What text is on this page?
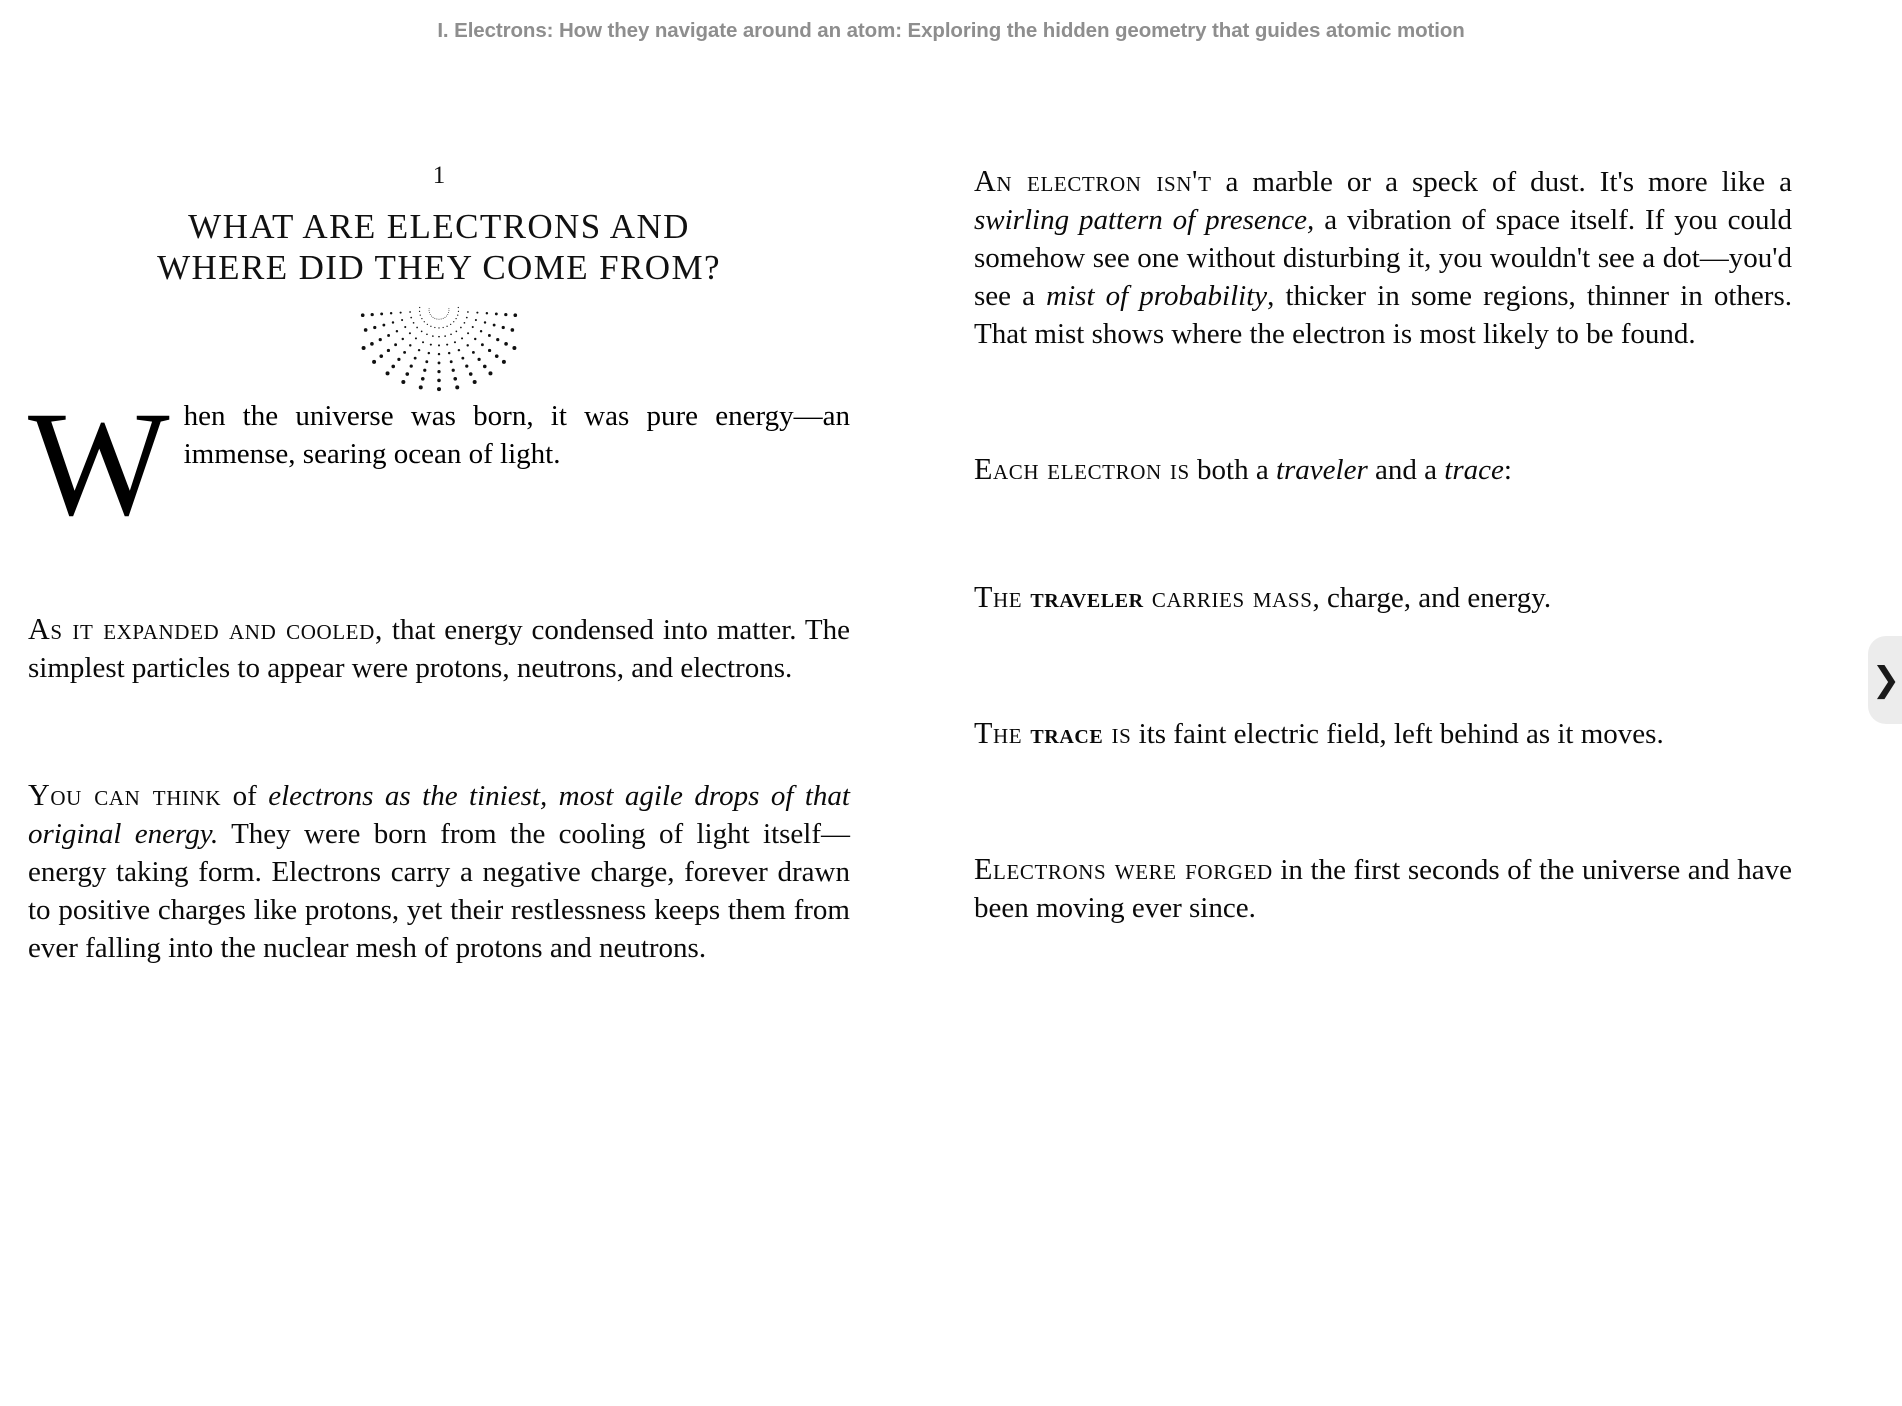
I. Electrons: How they navigate around an atom: Exploring the hidden geometry that guides atomic motion
1
WHAT ARE ELECTRONS AND
WHERE DID THEY COME FROM?
When the universe was born, it was pure energy—an immense, searing ocean of light.

As it expanded and cooled, that energy condensed into matter. The simplest particles to appear were protons, neutrons, and electrons.

You can think of electrons as the tiniest, most agile drops of that original energy. They were born from the cooling of light itself—energy taking form. Electrons carry a negative charge, forever drawn to positive charges like protons, yet their restlessness keeps them from ever falling into the nuclear mesh of protons and neutrons.

An electron isn't a marble or a speck of dust. It's more like a swirling pattern of presence, a vibration of space itself. If you could somehow see one without disturbing it, you wouldn't see a dot—you'd see a mist of probability, thicker in some regions, thinner in others. That mist shows where the electron is most likely to be found.

Each electron is both a traveler and a trace:

The traveler carries mass, charge, and energy.

The trace is its faint electric field, left behind as it moves.

Electrons were forged in the first seconds of the universe and have been moving ever since.

❯
